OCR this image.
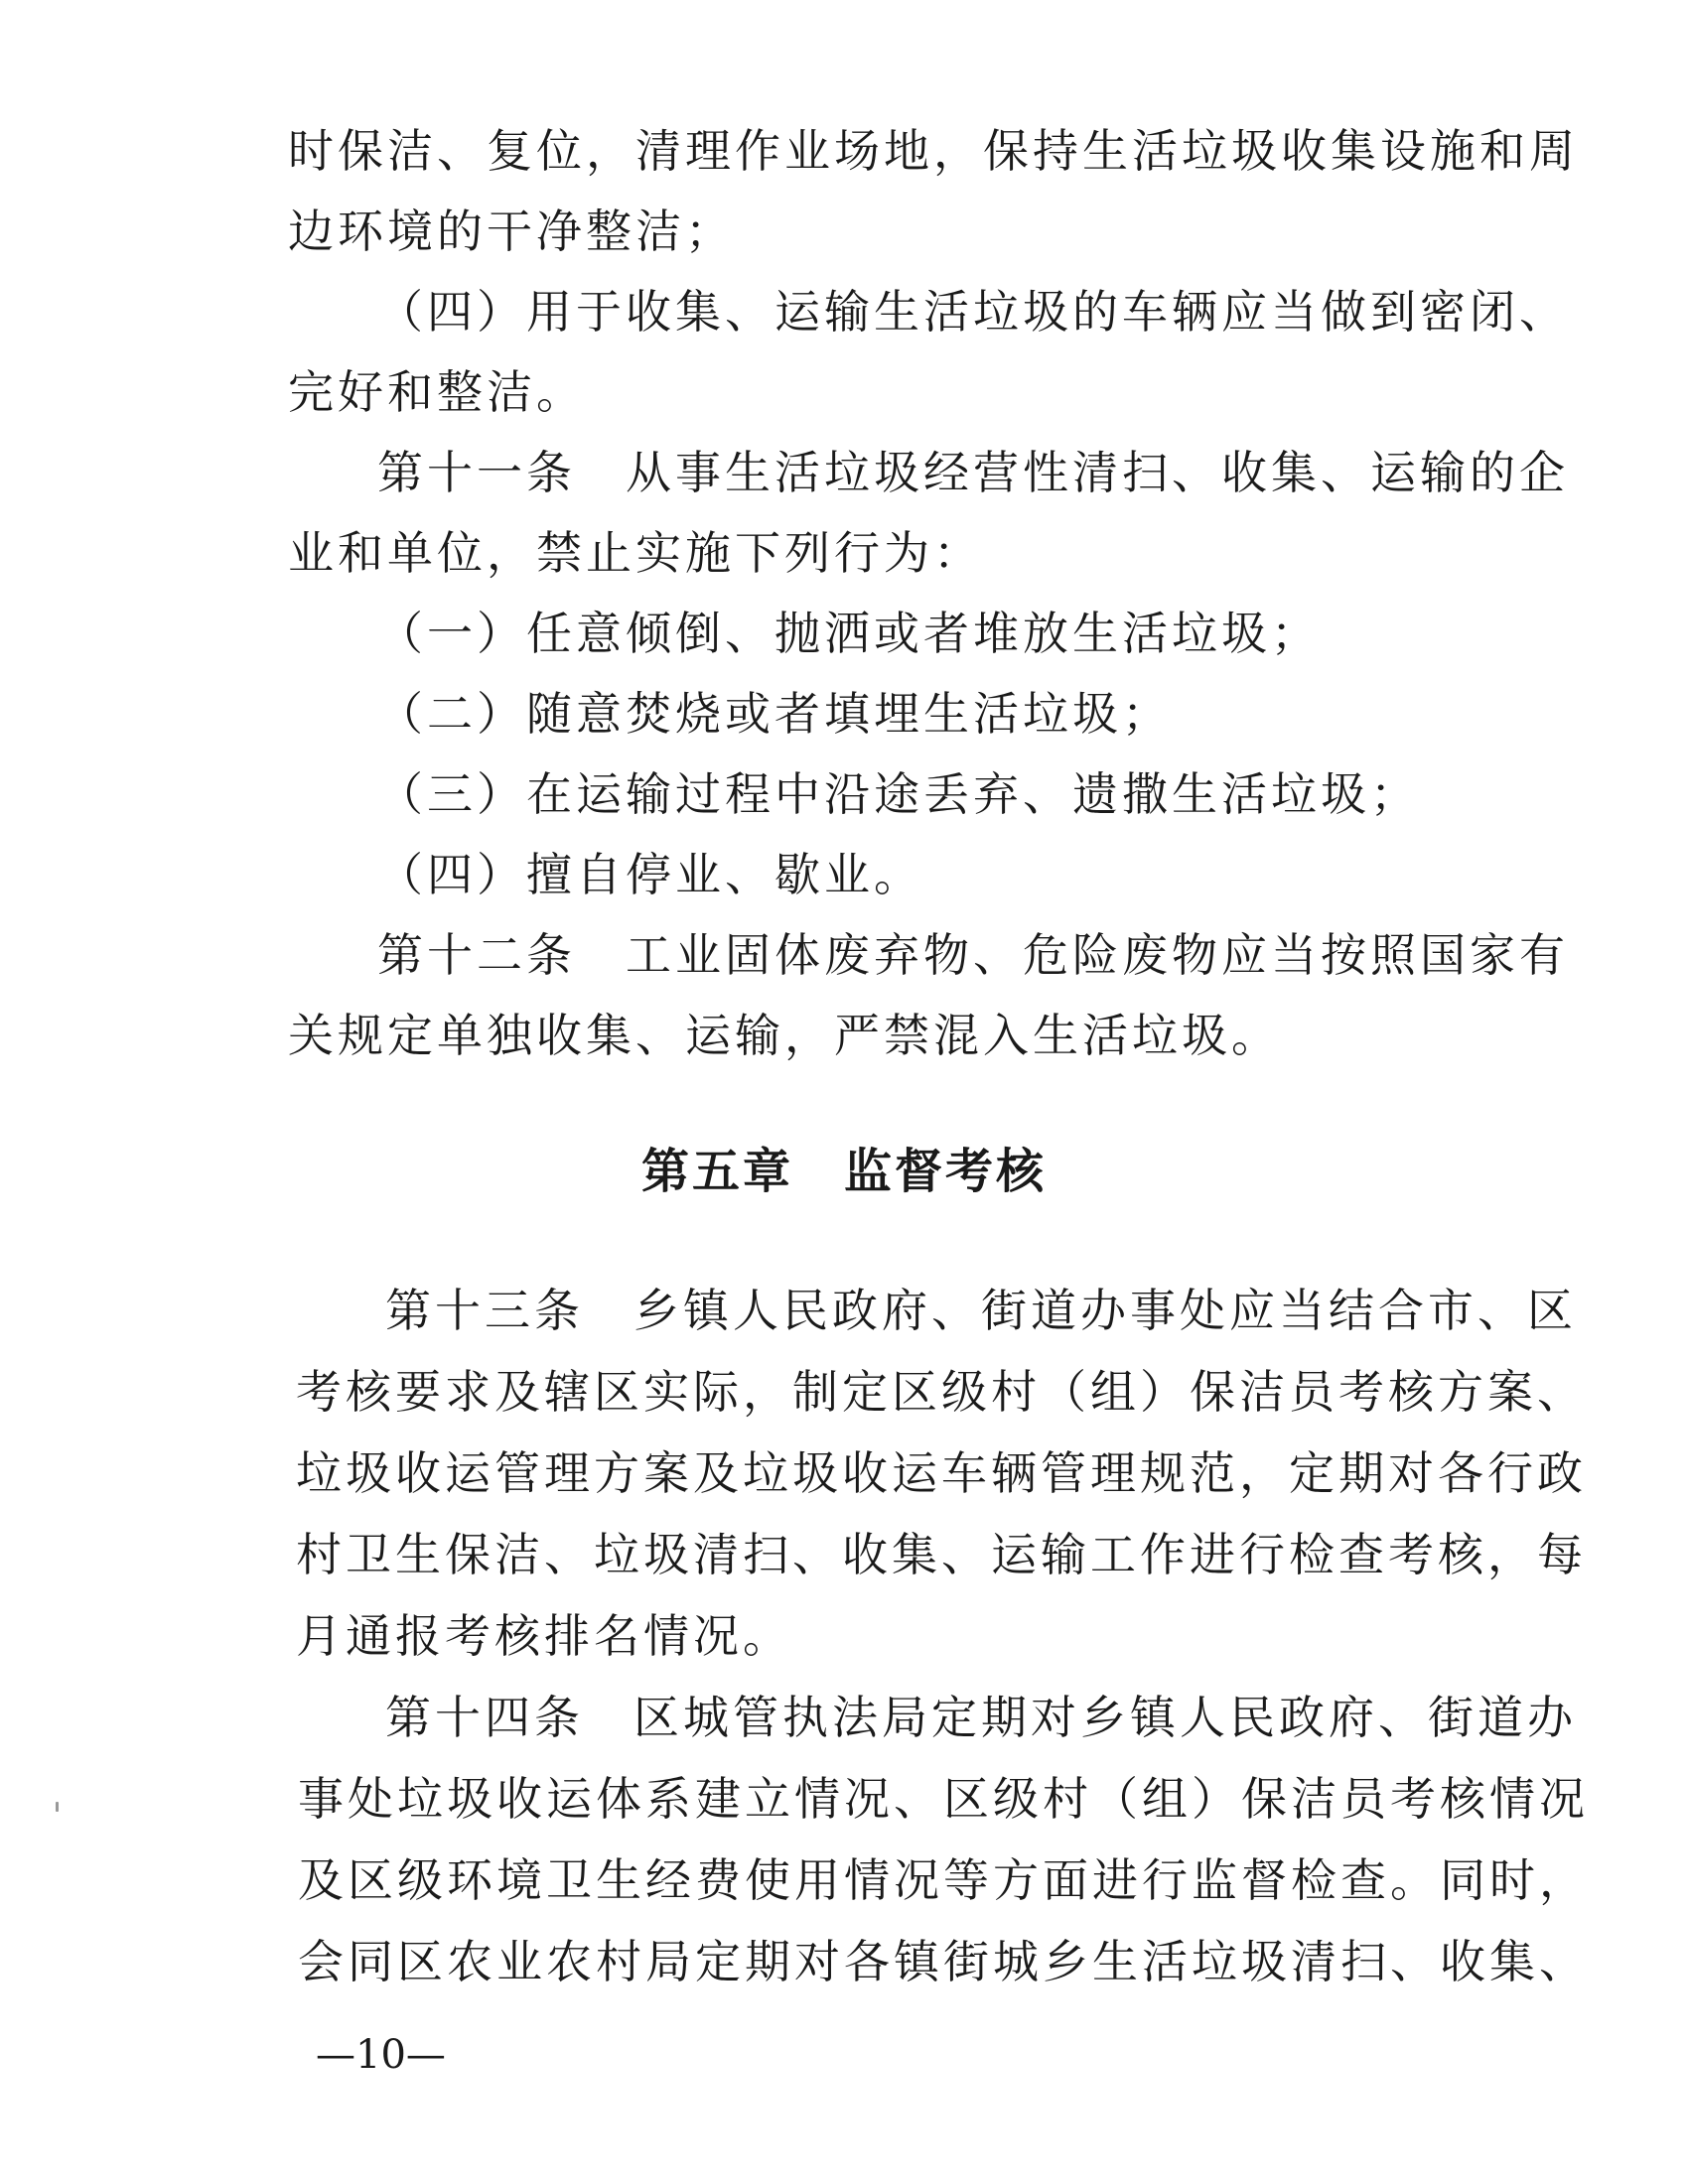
时保洁、复位，清理作业场地，保持生活垃圾收集设施和周
边环境的干净整洁；
（四）用于收集、运输生活垃圾的车辆应当做到密闭、
完好和整洁。
第十一条　从事生活垃圾经营性清扫、收集、运输的企
业和单位，禁止实施下列行为：
（一）任意倾倒、抛洒或者堆放生活垃圾；
（二）随意焚烧或者填埋生活垃圾；
（三）在运输过程中沿途丢弃、遗撒生活垃圾；
（四）擅自停业、歇业。
第十二条　工业固体废弃物、危险废物应当按照国家有
关规定单独收集、运输，严禁混入生活垃圾。
第五章　监督考核
第十三条　乡镇人民政府、街道办事处应当结合市、区
考核要求及辖区实际，制定区级村（组）保洁员考核方案、
垃圾收运管理方案及垃圾收运车辆管理规范，定期对各行政
村卫生保洁、垃圾清扫、收集、运输工作进行检查考核，每
月通报考核排名情况。
第十四条　区城管执法局定期对乡镇人民政府、街道办
事处垃圾收运体系建立情况、区级村（组）保洁员考核情况
及区级环境卫生经费使用情况等方面进行监督检查。同时，
会同区农业农村局定期对各镇街城乡生活垃圾清扫、收集、
—10—
